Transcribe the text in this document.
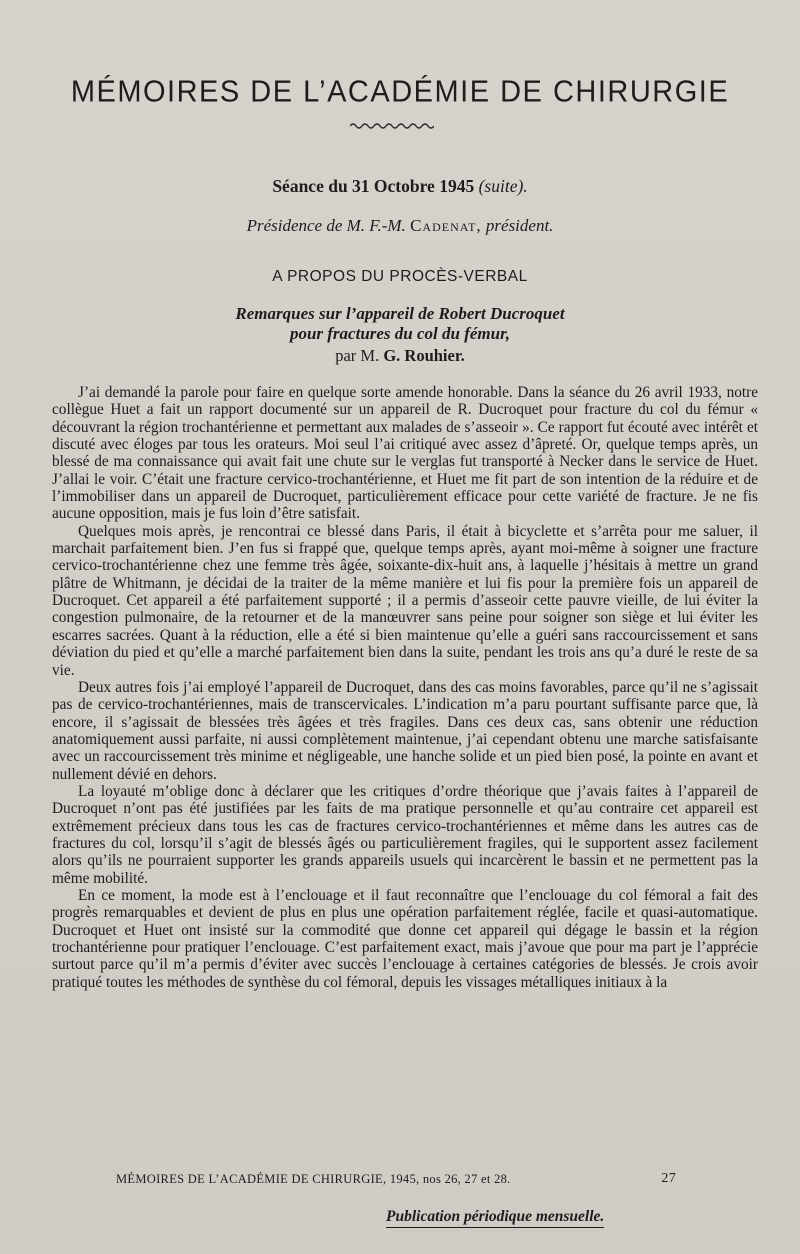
MÉMOIRES DE L’ACADÉMIE DE CHIRURGIE
Séance du 31 Octobre 1945 (suite).
Présidence de M. F.-M. Cadenat, président.
A PROPOS DU PROCÈS-VERBAL
Remarques sur l’appareil de Robert Ducroquet
pour fractures du col du fémur,
par M. G. Rouhier.

J’ai demandé la parole pour faire en quelque sorte amende honorable. Dans la séance du 26 avril 1933, notre collègue Huet a fait un rapport documenté sur un appareil de R. Ducroquet pour fracture du col du fémur « découvrant la région trochantérienne et permettant aux malades de s’asseoir ». Ce rapport fut écouté avec intérêt et discuté avec éloges par tous les orateurs. Moi seul l’ai critiqué avec assez d’âpreté. Or, quelque temps après, un blessé de ma connaissance qui avait fait une chute sur le verglas fut transporté à Necker dans le service de Huet. J’allai le voir. C’était une fracture cervico-trochantérienne, et Huet me fit part de son intention de la réduire et de l’immobiliser dans un appareil de Ducroquet, particulièrement efficace pour cette variété de fracture. Je ne fis aucune opposition, mais je fus loin d’être satisfait.

Quelques mois après, je rencontrai ce blessé dans Paris, il était à bicyclette et s’arrêta pour me saluer, il marchait parfaitement bien. J’en fus si frappé que, quelque temps après, ayant moi-même à soigner une fracture cervico-trochantérienne chez une femme très âgée, soixante-dix-huit ans, à laquelle j’hésitais à mettre un grand plâtre de Whitmann, je décidai de la traiter de la même manière et lui fis pour la première fois un appareil de Ducroquet. Cet appareil a été parfaitement supporté ; il a permis d’asseoir cette pauvre vieille, de lui éviter la congestion pulmonaire, de la retourner et de la manœuvrer sans peine pour soigner son siège et lui éviter les escarres sacrées. Quant à la réduction, elle a été si bien maintenue qu’elle a guéri sans raccourcissement et sans déviation du pied et qu’elle a marché parfaitement bien dans la suite, pendant les trois ans qu’a duré le reste de sa vie.

Deux autres fois j’ai employé l’appareil de Ducroquet, dans des cas moins favorables, parce qu’il ne s’agissait pas de cervico-trochantériennes, mais de transcervicales. L’indication m’a paru pourtant suffisante parce que, là encore, il s’agissait de blessées très âgées et très fragiles. Dans ces deux cas, sans obtenir une réduction anatomiquement aussi parfaite, ni aussi complètement maintenue, j’ai cependant obtenu une marche satisfaisante avec un raccourcissement très minime et négligeable, une hanche solide et un pied bien posé, la pointe en avant et nullement dévié en dehors.

La loyauté m’oblige donc à déclarer que les critiques d’ordre théorique que j’avais faites à l’appareil de Ducroquet n’ont pas été justifiées par les faits de ma pratique personnelle et qu’au contraire cet appareil est extrêmement précieux dans tous les cas de fractures cervico-trochantériennes et même dans les autres cas de fractures du col, lorsqu’il s’agit de blessés âgés ou particulièrement fragiles, qui le supportent assez facilement alors qu’ils ne pourraient supporter les grands appareils usuels qui incarcèrent le bassin et ne permettent pas la même mobilité.

En ce moment, la mode est à l’enclouage et il faut reconnaître que l’enclouage du col fémoral a fait des progrès remarquables et devient de plus en plus une opération parfaitement réglée, facile et quasi-automatique. Ducroquet et Huet ont insisté sur la commodité que donne cet appareil qui dégage le bassin et la région trochantérienne pour pratiquer l’enclouage. C’est parfaitement exact, mais j’avoue que pour ma part je l’apprécie surtout parce qu’il m’a permis d’éviter avec succès l’enclouage à certaines catégories de blessés. Je crois avoir pratiqué toutes les méthodes de synthèse du col fémoral, depuis les vissages métalliques initiaux à la

MÉMOIRES DE L’ACADÉMIE DE CHIRURGIE, 1945, nos 26, 27 et 28.	27
Publication périodique mensuelle.
